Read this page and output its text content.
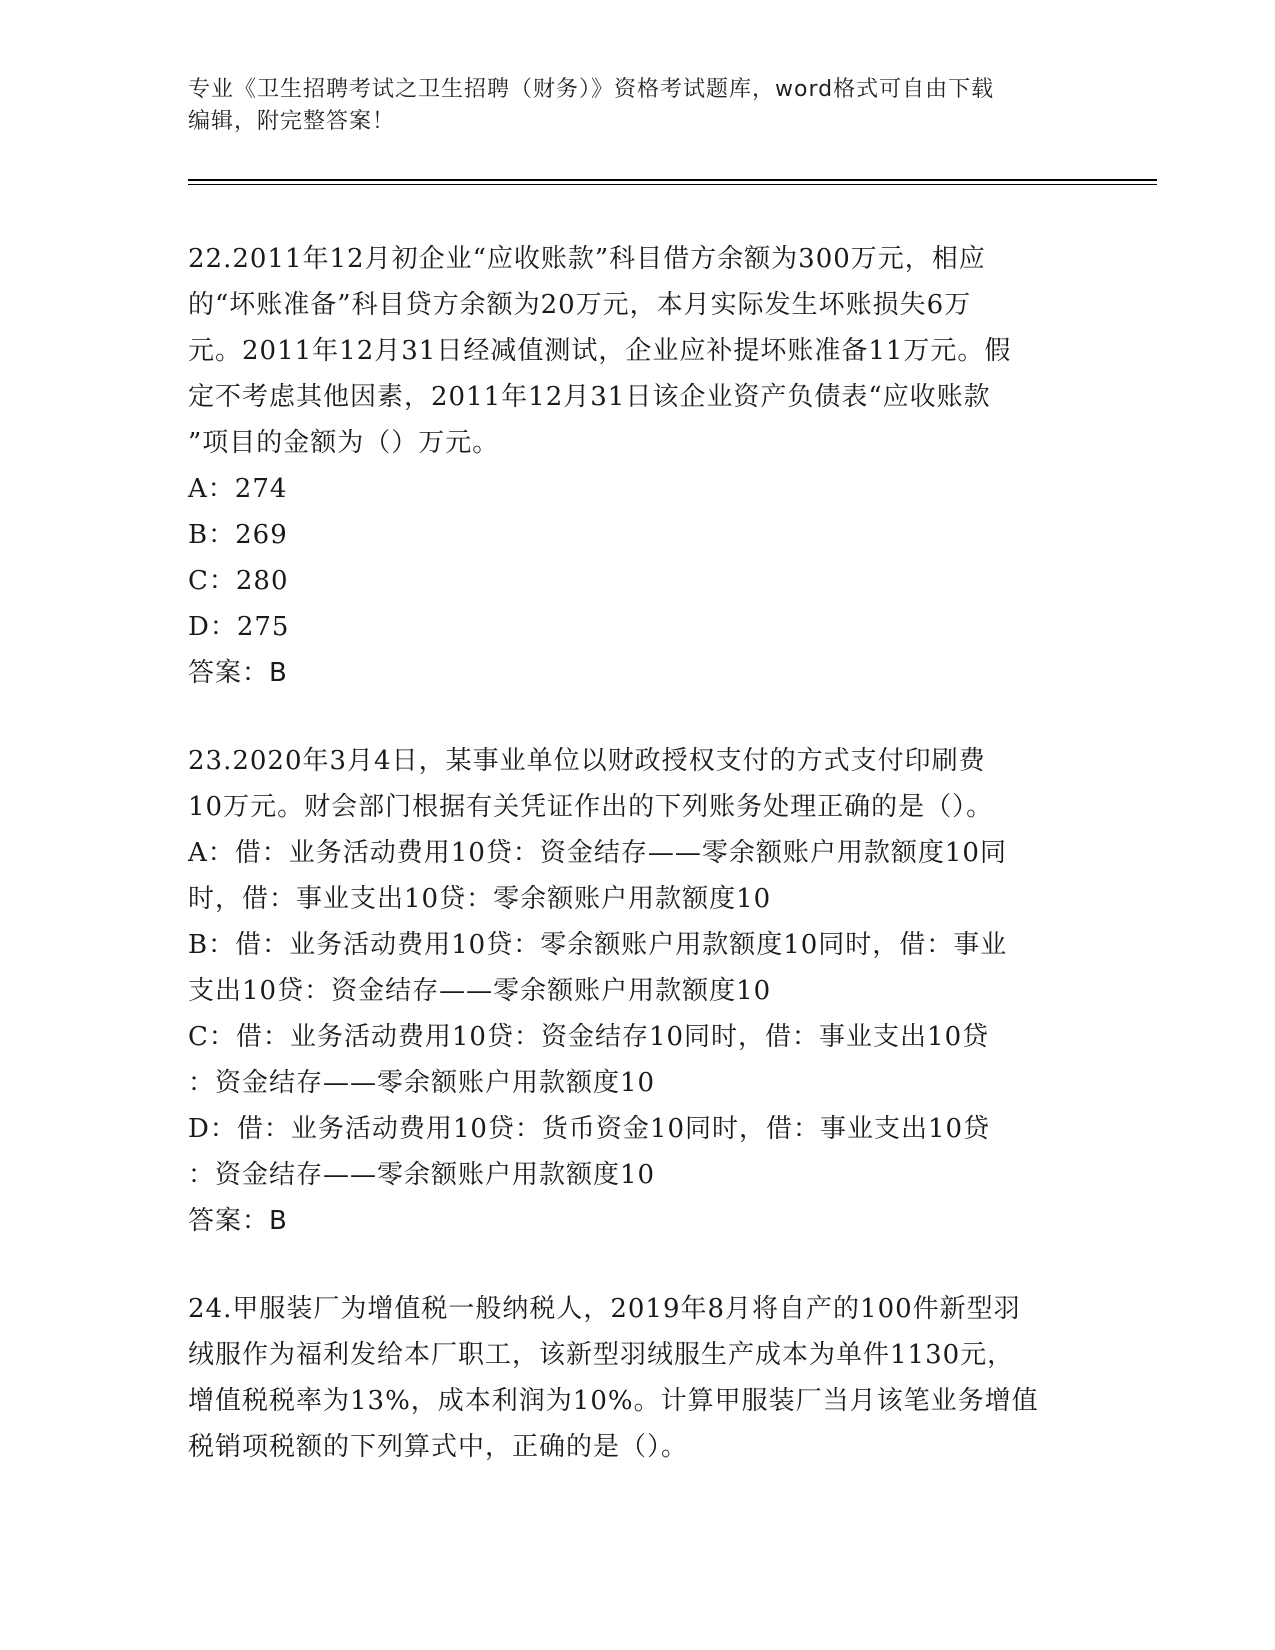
专业《卫生招聘考试之卫生招聘（财务）》资格考试题库，word格式可自由下载
编辑，附完整答案！
22.2011年12月初企业“应收账款”科目借方余额为300万元，相应
的“坏账准备”科目贷方余额为20万元，本月实际发生坏账损失6万
元。2011年12月31日经减值测试，企业应补提坏账准备11万元。假
定不考虑其他因素，2011年12月31日该企业资产负债表“应收账款
”项目的金额为（）万元。
A：274
B：269
C：280
D：275
答案：B
23.2020年3月4日，某事业单位以财政授权支付的方式支付印刷费
10万元。财会部门根据有关凭证作出的下列账务处理正确的是（）。
A：借：业务活动费用10贷：资金结存——零余额账户用款额度10同
时，借：事业支出10贷：零余额账户用款额度10
B：借：业务活动费用10贷：零余额账户用款额度10同时，借：事业
支出10贷：资金结存——零余额账户用款额度10
C：借：业务活动费用10贷：资金结存10同时，借：事业支出10贷
：资金结存——零余额账户用款额度10
D：借：业务活动费用10贷：货币资金10同时，借：事业支出10贷
：资金结存——零余额账户用款额度10
答案：B
24.甲服装厂为增值税一般纳税人，2019年8月将自产的100件新型羽
绒服作为福利发给本厂职工，该新型羽绒服生产成本为单件1130元，
增值税税率为13%，成本利润为10%。计算甲服装厂当月该笔业务增值
税销项税额的下列算式中，正确的是（）。
